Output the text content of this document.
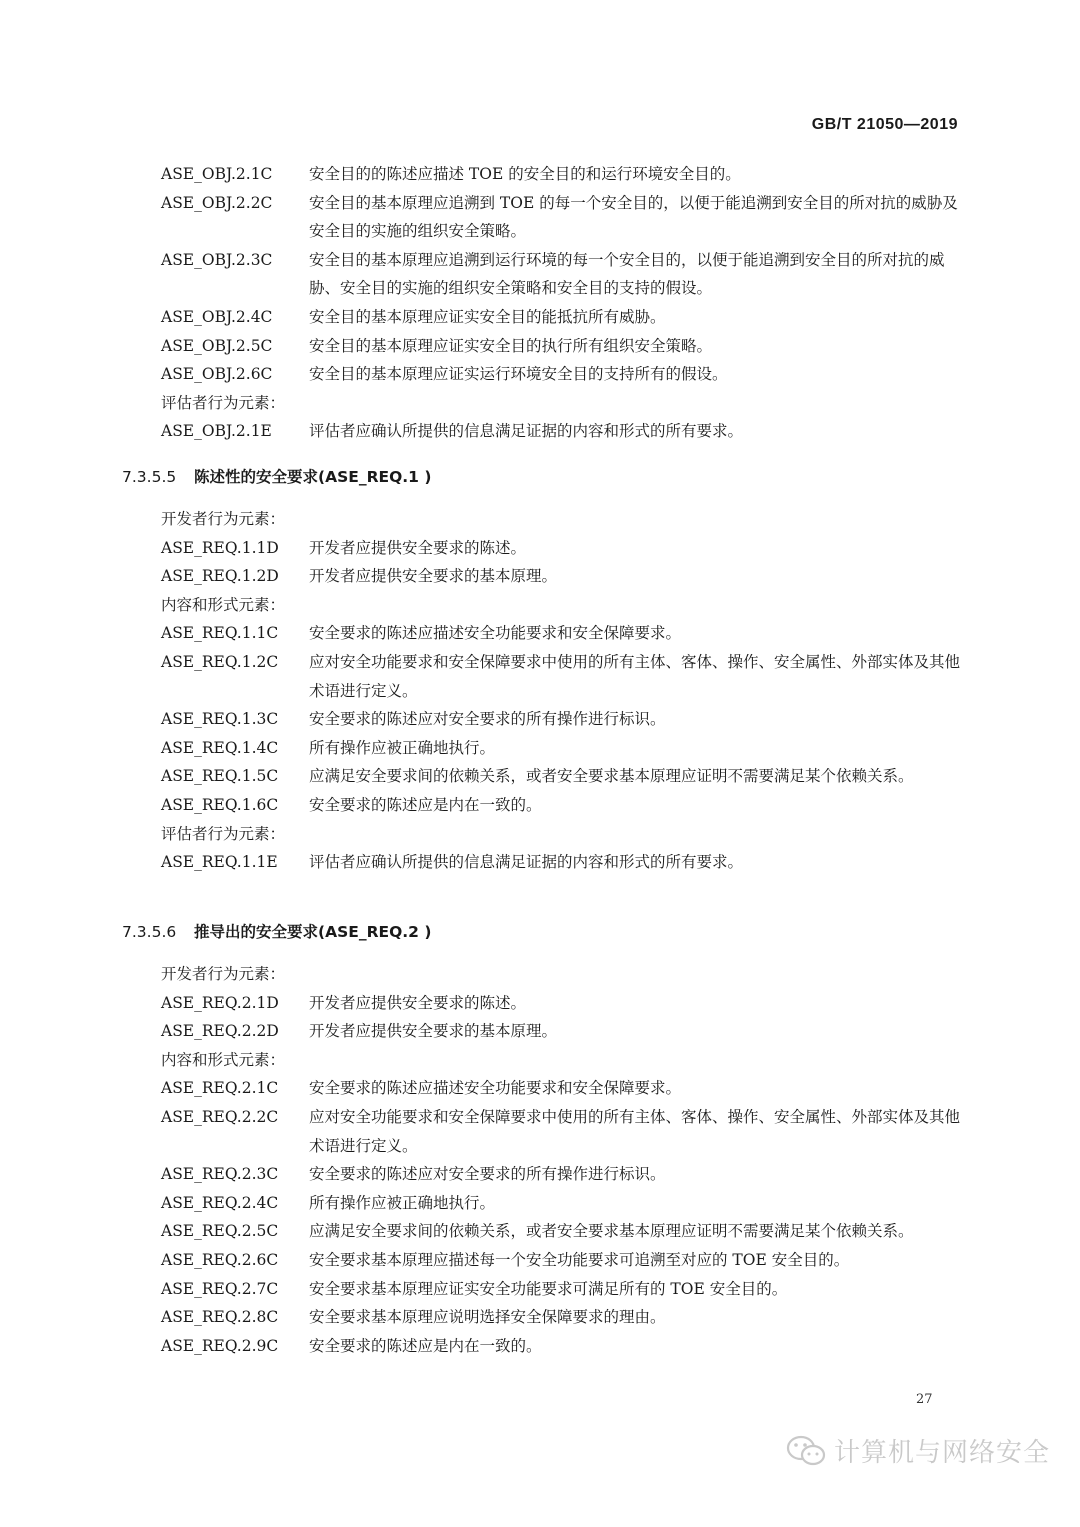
GB/T 21050—2019
ASE_OBJ.2.1C	安全目的的陈述应描述 TOE 的安全目的和运行环境安全目的。
ASE_OBJ.2.2C	安全目的基本原理应追溯到 TOE 的每一个安全目的，以便于能追溯到安全目的所对抗的威胁及安全目的实施的组织安全策略。
ASE_OBJ.2.3C	安全目的基本原理应追溯到运行环境的每一个安全目的，以便于能追溯到安全目的所对抗的威胁、安全目的实施的组织安全策略和安全目的支持的假设。
ASE_OBJ.2.4C	安全目的基本原理应证实安全目的能抵抗所有威胁。
ASE_OBJ.2.5C	安全目的基本原理应证实安全目的执行所有组织安全策略。
ASE_OBJ.2.6C	安全目的基本原理应证实运行环境安全目的支持所有的假设。
评估者行为元素：
ASE_OBJ.2.1E	评估者应确认所提供的信息满足证据的内容和形式的所有要求。
7.3.5.5 陈述性的安全要求(ASE_REQ.1 )
开发者行为元素：
ASE_REQ.1.1D	开发者应提供安全要求的陈述。
ASE_REQ.1.2D	开发者应提供安全要求的基本原理。
内容和形式元素：
ASE_REQ.1.1C	安全要求的陈述应描述安全功能要求和安全保障要求。
ASE_REQ.1.2C	应对安全功能要求和安全保障要求中使用的所有主体、客体、操作、安全属性、外部实体及其他术语进行定义。
ASE_REQ.1.3C	安全要求的陈述应对安全要求的所有操作进行标识。
ASE_REQ.1.4C	所有操作应被正确地执行。
ASE_REQ.1.5C	应满足安全要求间的依赖关系，或者安全要求基本原理应证明不需要满足某个依赖关系。
ASE_REQ.1.6C	安全要求的陈述应是内在一致的。
评估者行为元素：
ASE_REQ.1.1E	评估者应确认所提供的信息满足证据的内容和形式的所有要求。
7.3.5.6 推导出的安全要求(ASE_REQ.2 )
开发者行为元素：
ASE_REQ.2.1D	开发者应提供安全要求的陈述。
ASE_REQ.2.2D	开发者应提供安全要求的基本原理。
内容和形式元素：
ASE_REQ.2.1C	安全要求的陈述应描述安全功能要求和安全保障要求。
ASE_REQ.2.2C	应对安全功能要求和安全保障要求中使用的所有主体、客体、操作、安全属性、外部实体及其他术语进行定义。
ASE_REQ.2.3C	安全要求的陈述应对安全要求的所有操作进行标识。
ASE_REQ.2.4C	所有操作应被正确地执行。
ASE_REQ.2.5C	应满足安全要求间的依赖关系，或者安全要求基本原理应证明不需要满足某个依赖关系。
ASE_REQ.2.6C	安全要求基本原理应描述每一个安全功能要求可追溯至对应的 TOE 安全目的。
ASE_REQ.2.7C	安全要求基本原理应证实安全功能要求可满足所有的 TOE 安全目的。
ASE_REQ.2.8C	安全要求基本原理应说明选择安全保障要求的理由。
ASE_REQ.2.9C	安全要求的陈述应是内在一致的。
27
计算机与网络安全
